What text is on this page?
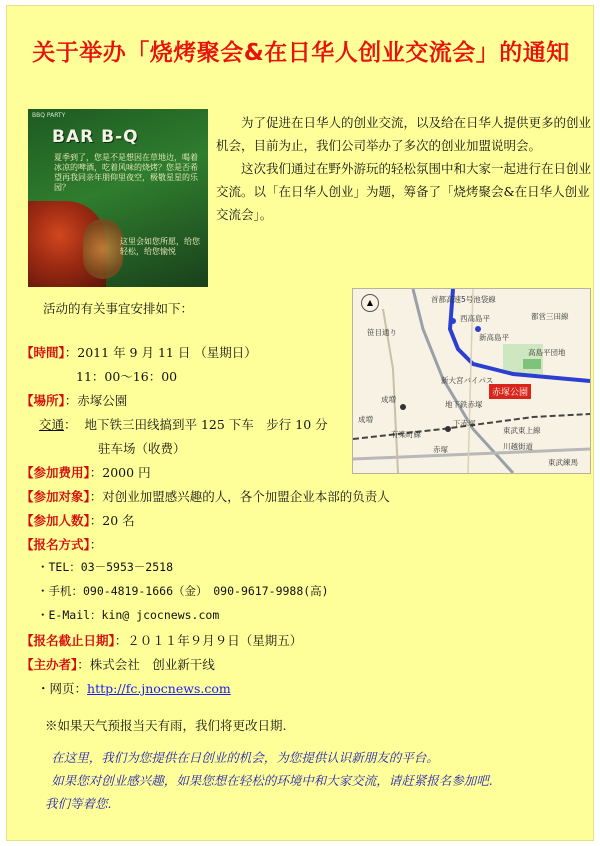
关于举办「烧烤聚会&在日华人创业交流会」的通知
BBQ PARTY
BAR B-Q
夏季到了，您是不是想因在草地边，喝着冰凉的啤酒，吃着风味的烧烤？您是否希望再我同亲年朋仰里夜空，极敬星星的乐园？
这里会如您所愿，给您轻松，给您愉悦

为了促进在日华人的创业交流，以及给在日华人提供更多的创业机会，目前为止，我们公司举办了多次的创业加盟说明会。

这次我们通过在野外游玩的轻松氛围中和大家一起进行在日创业交流。以「在日华人创业」为题，筹备了「烧烤聚会&在日华人创业交流会」。

▲
赤塚公園
首都高速5号池袋線
西高島平
新高島平
都営三田線
高島平団地
新大宮バイパス
成増
下赤塚
東武東上線
川越街道
赤塚
成増
地下鉄赤塚
東武練馬
笹目通り
有楽町線
活动的有关事宜安排如下：
【時間】：2011 年 9 月 11 日 （星期日）
11：00～16：00
【場所】：赤塚公園
交通： 地下铁三田线搞到平 125 下车　步行 10 分
驻车场（收费）
【参加费用】：2000 円
【参加对象】：对创业加盟感兴趣的人，各个加盟企业本部的负责人
【参加人数】：20 名
【报名方式】：
・TEL：03－5953－2518
・手机：090-4819-1666（金）　090-9617-9988(高)
・E-Mail：kin@ jcocnews.com
【报名截止日期】：２０１１年９月９日（星期五）
【主办者】：株式会社　创业新干线
・网页：http://fc.jnocnews.com
※如果天气预报当天有雨，我们将更改日期.

在这里，我们为您提供在日创业的机会，为您提供认识新朋友的平台。

如果您对创业感兴趣，如果您想在轻松的环境中和大家交流，请赶紧报名参加吧.

我们等着您.
